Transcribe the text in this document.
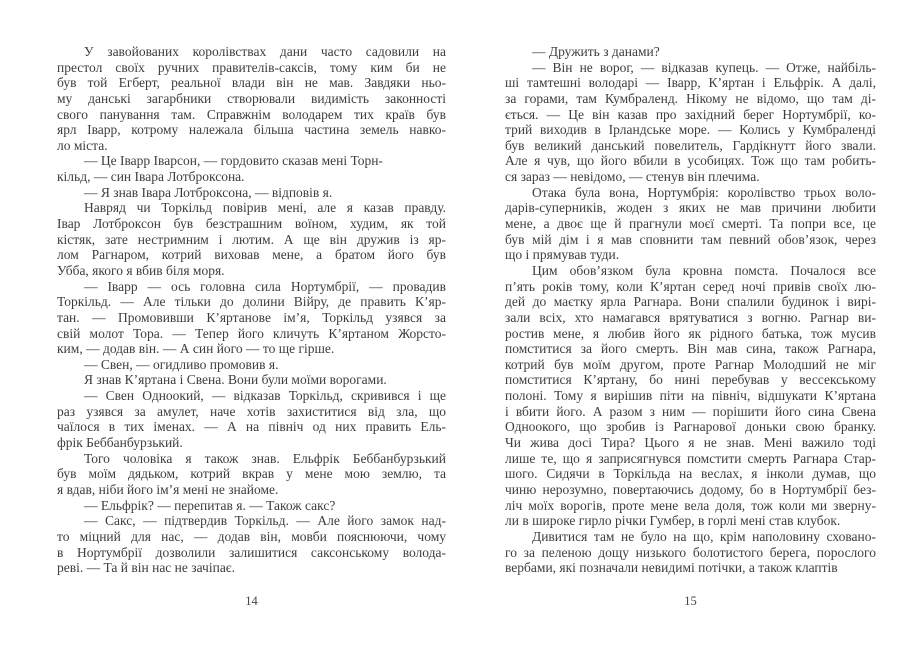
У завойованих королівствах дани часто садовили на
престол своїх ручних правителів-саксів, тому ким би не
був той Егберт, реальної влади він не мав. Завдяки ньо-
му данські загарбники створювали видимість законності
свого панування там. Справжнім володарем тих країв був
ярл Іварр, котрому належала більша частина земель навко-
ло міста.
— Це Іварр Іварсон, — гордовито сказав мені Торн-
кільд, — син Івара Лотброксона.
— Я знав Івара Лотброксона, — відповів я.
Навряд чи Торкільд повірив мені, але я казав правду.
Івар Лотброксон був безстрашним воїном, худим, як той
кістяк, зате нестримним і лютим. А ще він дружив із яр-
лом Рагнаром, котрий виховав мене, а братом його був
Убба, якого я вбив біля моря.
— Іварр — ось головна сила Нортумбрії, — провадив
Торкільд. — Але тільки до долини Війру, де править К’яр-
тан. — Промовивши К’яртанове ім’я, Торкільд узявся за
свій молот Тора. — Тепер його кличуть К’яртаном Жорсто-
ким, — додав він. — А син його — то ще гірше.
— Свен, — огидливо промовив я.
Я знав К’яртана і Свена. Вони були моїми ворогами.
— Свен Одноокий, — відказав Торкільд, скривився і ще
раз узявся за амулет, наче хотів захиститися від зла, що
чаїлося в тих іменах. — А на північ од них править Ель-
фрік Беббанбурзький.
Того чоловіка я також знав. Ельфрік Беббанбурзький
був моїм дядьком, котрий вкрав у мене мою землю, та
я вдав, ніби його ім’я мені не знайоме.
— Ельфрік? — перепитав я. — Також сакс?
— Сакс, — підтвердив Торкільд. — Але його замок над-
то міцний для нас, — додав він, мовби пояснюючи, чому
в Нортумбрії дозволили залишитися саксонському волода-
реві. — Та й він нас не зачіпає.
14
— Дружить з данами?
— Він не ворог, — відказав купець. — Отже, найбіль-
ші тамтешні володарі — Іварр, К’яртан і Ельфрік. А далі,
за горами, там Кумбраленд. Нікому не відомо, що там ді-
ється. — Це він казав про західний берег Нортумбрії, ко-
трий виходив в Ірландське море. — Колись у Кумбраленді
був великий данський повелитель, Гардікнутт його звали.
Але я чув, що його вбили в усобицях. Тож що там робить-
ся зараз — невідомо, — стенув він плечима.
Отака була вона, Нортумбрія: королівство трьох воло-
дарів-суперників, жоден з яких не мав причини любити
мене, а двоє ще й прагнули моєї смерті. Та попри все, це
був мій дім і я мав сповнити там певний обов’язок, через
що і прямував туди.
Цим обов’язком була кровна помста. Почалося все
п’ять років тому, коли К’яртан серед ночі привів своїх лю-
дей до маєтку ярла Рагнара. Вони спалили будинок і вирі-
зали всіх, хто намагався врятуватися з вогню. Рагнар ви-
ростив мене, я любив його як рідного батька, тож мусив
помститися за його смерть. Він мав сина, також Рагнара,
котрий був моїм другом, проте Рагнар Молодший не міг
помститися К’яртану, бо нині перебував у вессекському
полоні. Тому я вирішив піти на північ, відшукати К’яртана
і вбити його. А разом з ним — порішити його сина Свена
Одноокого, що зробив із Рагнарової доньки свою бранку.
Чи жива досі Тира? Цього я не знав. Мені важило тоді
лише те, що я заприсягнувся помстити смерть Рагнара Стар-
шого. Сидячи в Торкільда на веслах, я інколи думав, що
чиню нерозумно, повертаючись додому, бо в Нортумбрії без-
ліч моїх ворогів, проте мене вела доля, тож коли ми зверну-
ли в широке гирло річки Гумбер, в горлі мені став клубок.
Дивитися там не було на що, крім наполовину сховано-
го за пеленою дощу низького болотистого берега, порослого
вербами, які позначали невидимі потічки, а також клаптів
15
